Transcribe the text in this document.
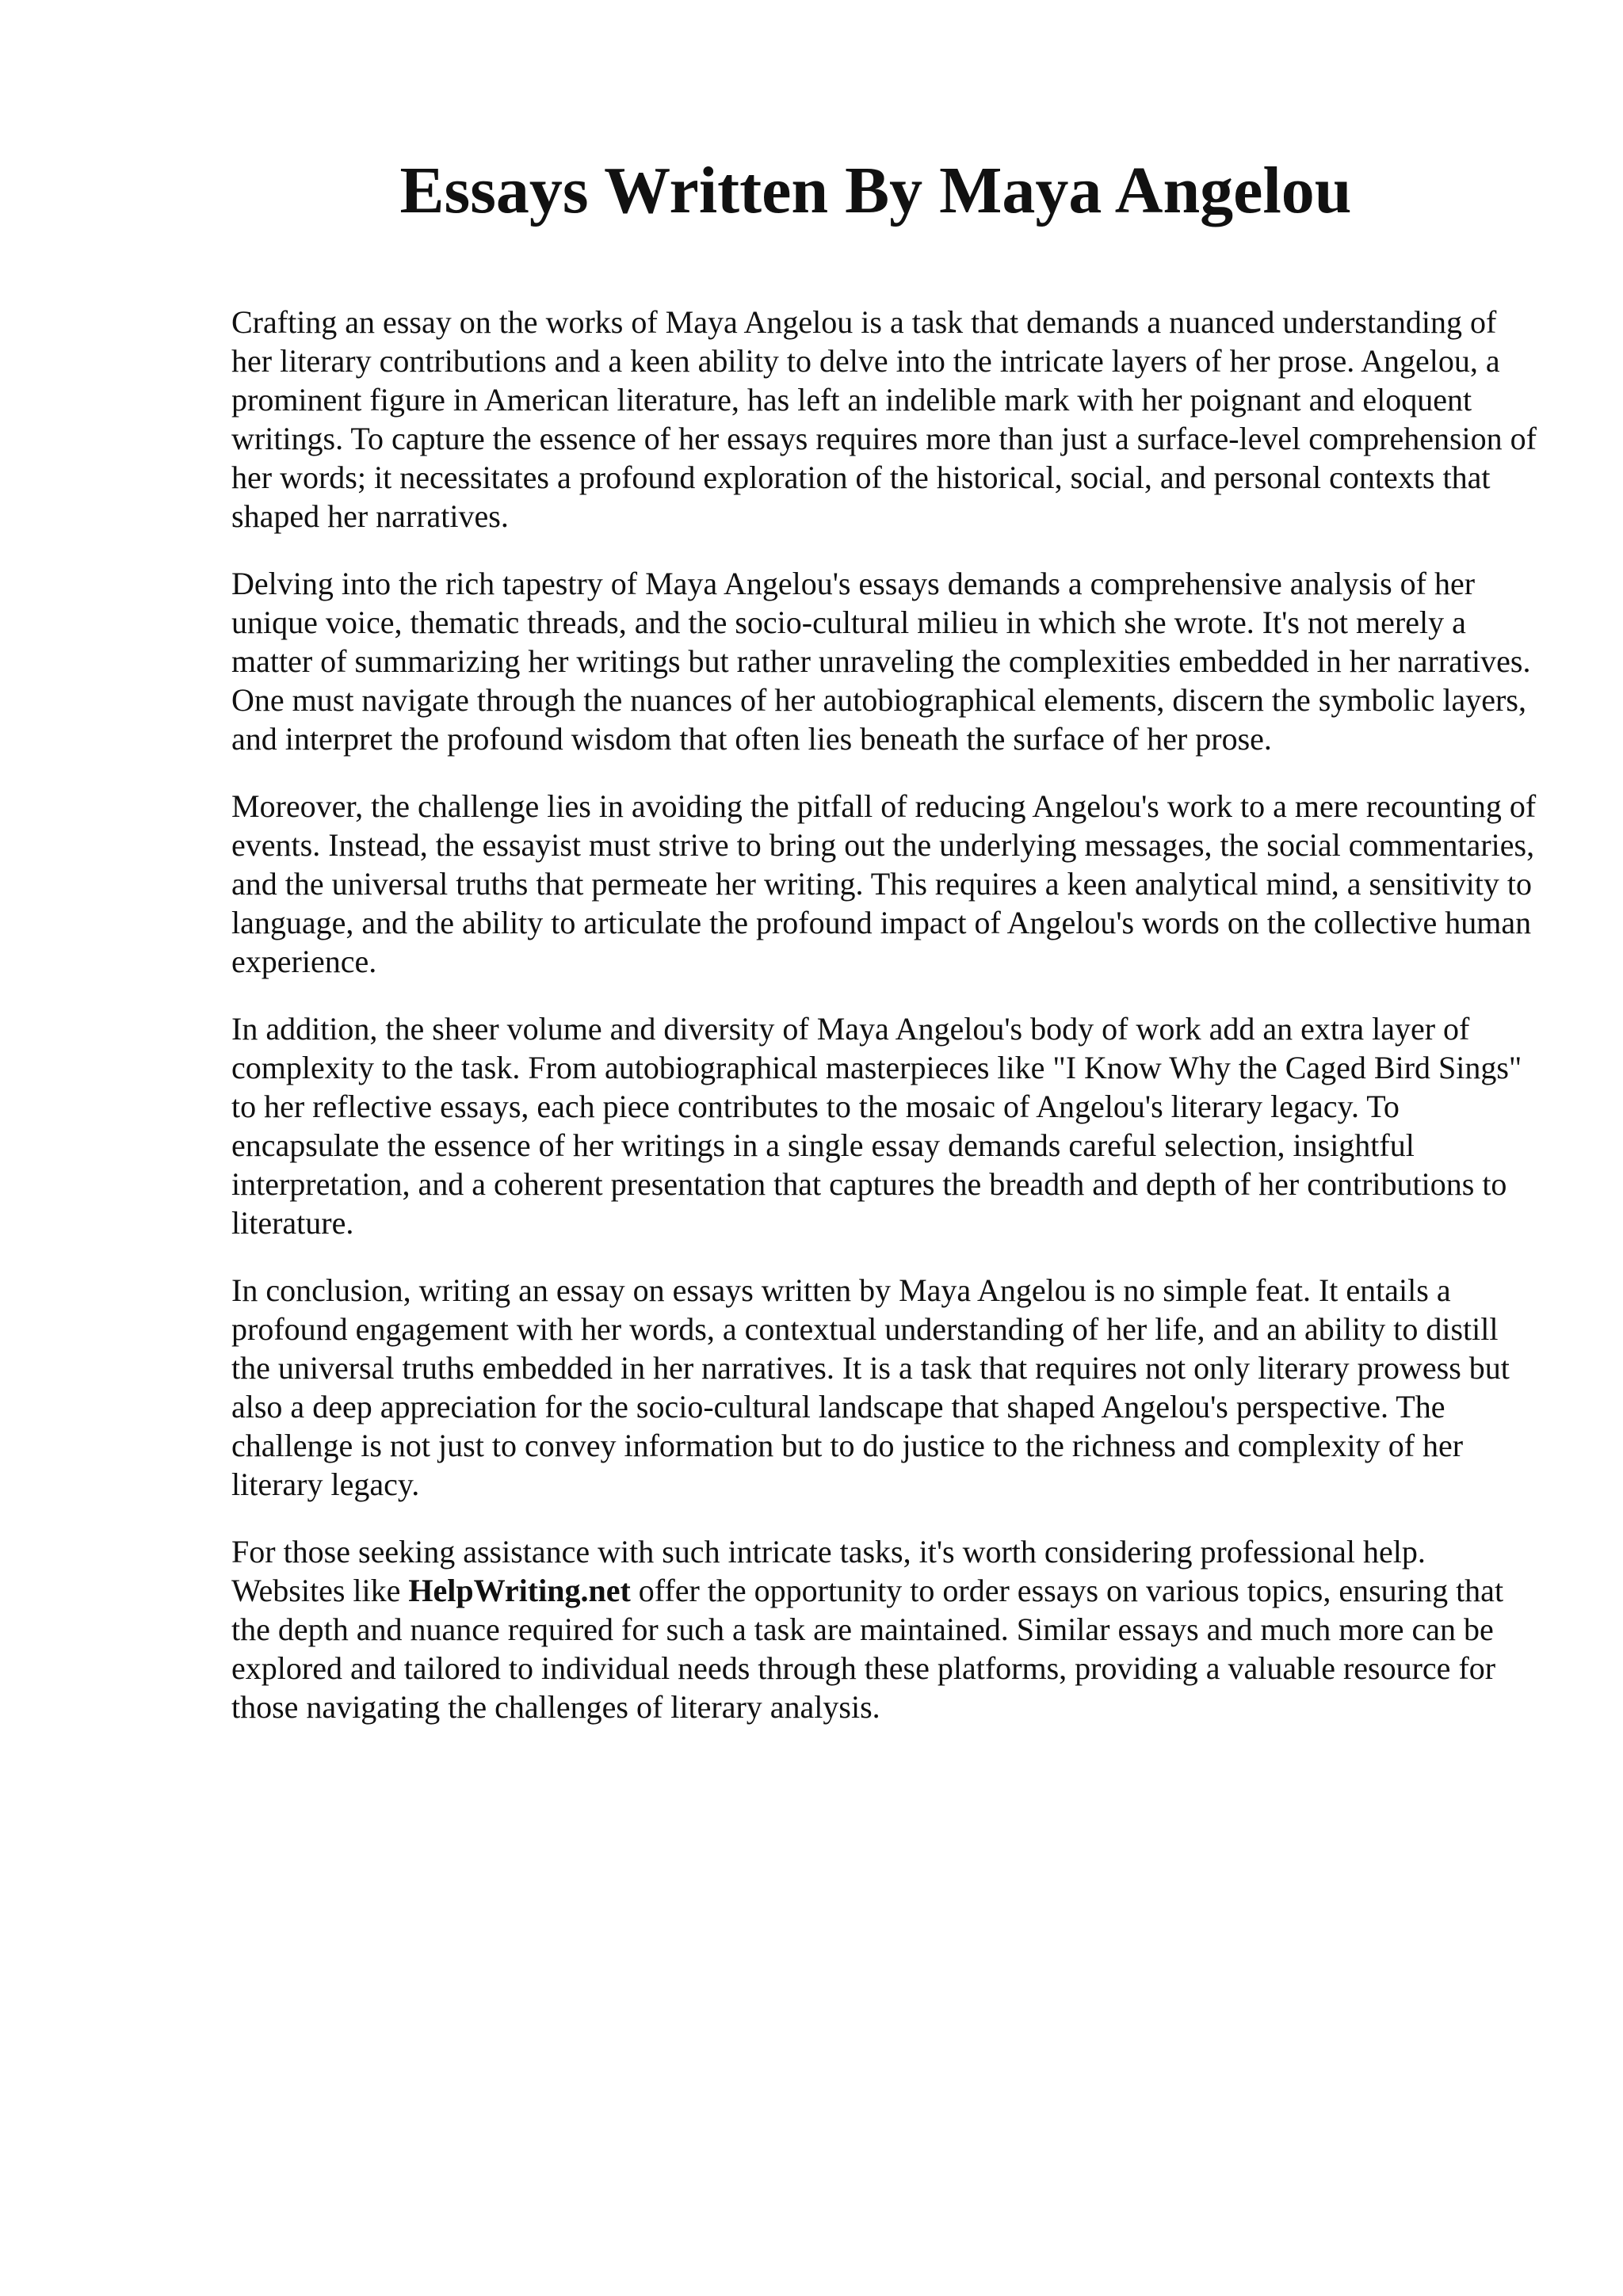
Essays Written By Maya Angelou

Crafting an essay on the works of Maya Angelou is a task that demands a nuanced understanding of her literary contributions and a keen ability to delve into the intricate layers of her prose. Angelou, a prominent figure in American literature, has left an indelible mark with her poignant and eloquent writings. To capture the essence of her essays requires more than just a surface-level comprehension of her words; it necessitates a profound exploration of the historical, social, and personal contexts that shaped her narratives.

Delving into the rich tapestry of Maya Angelou's essays demands a comprehensive analysis of her unique voice, thematic threads, and the socio-cultural milieu in which she wrote. It's not merely a matter of summarizing her writings but rather unraveling the complexities embedded in her narratives. One must navigate through the nuances of her autobiographical elements, discern the symbolic layers, and interpret the profound wisdom that often lies beneath the surface of her prose.

Moreover, the challenge lies in avoiding the pitfall of reducing Angelou's work to a mere recounting of events. Instead, the essayist must strive to bring out the underlying messages, the social commentaries, and the universal truths that permeate her writing. This requires a keen analytical mind, a sensitivity to language, and the ability to articulate the profound impact of Angelou's words on the collective human experience.

In addition, the sheer volume and diversity of Maya Angelou's body of work add an extra layer of complexity to the task. From autobiographical masterpieces like "I Know Why the Caged Bird Sings" to her reflective essays, each piece contributes to the mosaic of Angelou's literary legacy. To encapsulate the essence of her writings in a single essay demands careful selection, insightful interpretation, and a coherent presentation that captures the breadth and depth of her contributions to literature.

In conclusion, writing an essay on essays written by Maya Angelou is no simple feat. It entails a profound engagement with her words, a contextual understanding of her life, and an ability to distill the universal truths embedded in her narratives. It is a task that requires not only literary prowess but also a deep appreciation for the socio-cultural landscape that shaped Angelou's perspective. The challenge is not just to convey information but to do justice to the richness and complexity of her literary legacy.

For those seeking assistance with such intricate tasks, it's worth considering professional help. Websites like HelpWriting.net offer the opportunity to order essays on various topics, ensuring that the depth and nuance required for such a task are maintained. Similar essays and much more can be explored and tailored to individual needs through these platforms, providing a valuable resource for those navigating the challenges of literary analysis.
